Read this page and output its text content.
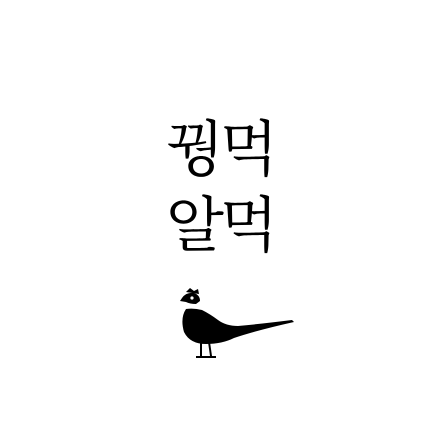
꿩먹
알먹
